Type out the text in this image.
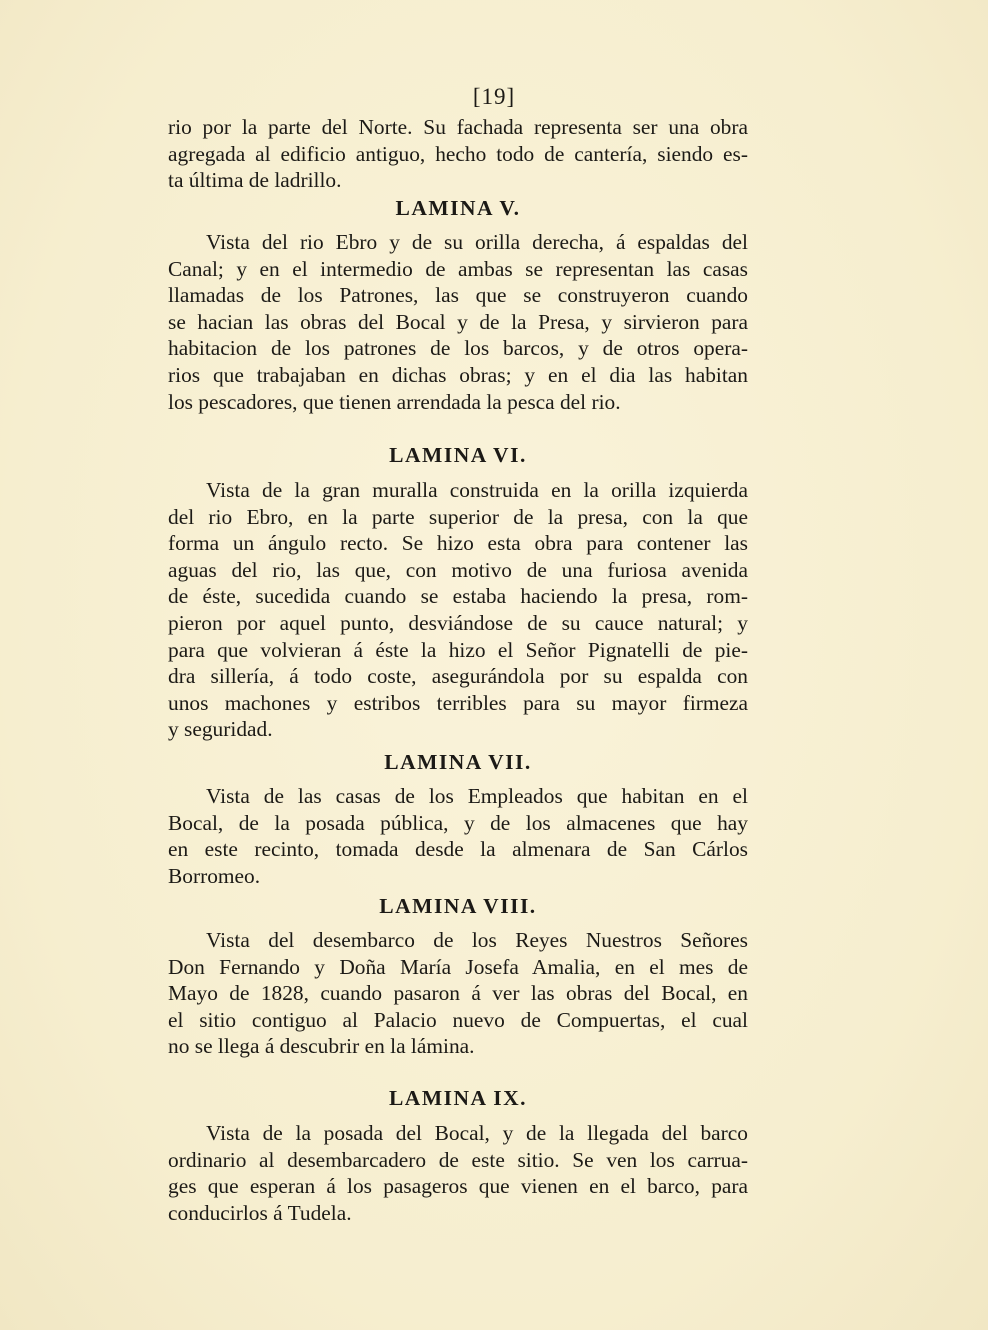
[19]
rio por la parte del Norte. Su fachada representa ser una obra
agregada al edificio antiguo, hecho todo de cantería, siendo es-
ta última de ladrillo.
LAMINA V.
Vista del rio Ebro y de su orilla derecha, á espaldas del
Canal; y en el intermedio de ambas se representan las casas
llamadas de los Patrones, las que se construyeron cuando
se hacian las obras del Bocal y de la Presa, y sirvieron para
habitacion de los patrones de los barcos, y de otros opera-
rios que trabajaban en dichas obras; y en el dia las habitan
los pescadores, que tienen arrendada la pesca del rio.
LAMINA VI.
Vista de la gran muralla construida en la orilla izquierda
del rio Ebro, en la parte superior de la presa, con la que
forma un ángulo recto. Se hizo esta obra para contener las
aguas del rio, las que, con motivo de una furiosa avenida
de éste, sucedida cuando se estaba haciendo la presa, rom-
pieron por aquel punto, desviándose de su cauce natural; y
para que volvieran á éste la hizo el Señor Pignatelli de pie-
dra sillería, á todo coste, asegurándola por su espalda con
unos machones y estribos terribles para su mayor firmeza
y seguridad.
LAMINA VII.
Vista de las casas de los Empleados que habitan en el
Bocal, de la posada pública, y de los almacenes que hay
en este recinto, tomada desde la almenara de San Cárlos
Borromeo.
LAMINA VIII.
Vista del desembarco de los Reyes Nuestros Señores
Don Fernando y Doña María Josefa Amalia, en el mes de
Mayo de 1828, cuando pasaron á ver las obras del Bocal, en
el sitio contiguo al Palacio nuevo de Compuertas, el cual
no se llega á descubrir en la lámina.
LAMINA IX.
Vista de la posada del Bocal, y de la llegada del barco
ordinario al desembarcadero de este sitio. Se ven los carrua-
ges que esperan á los pasageros que vienen en el barco, para
conducirlos á Tudela.
